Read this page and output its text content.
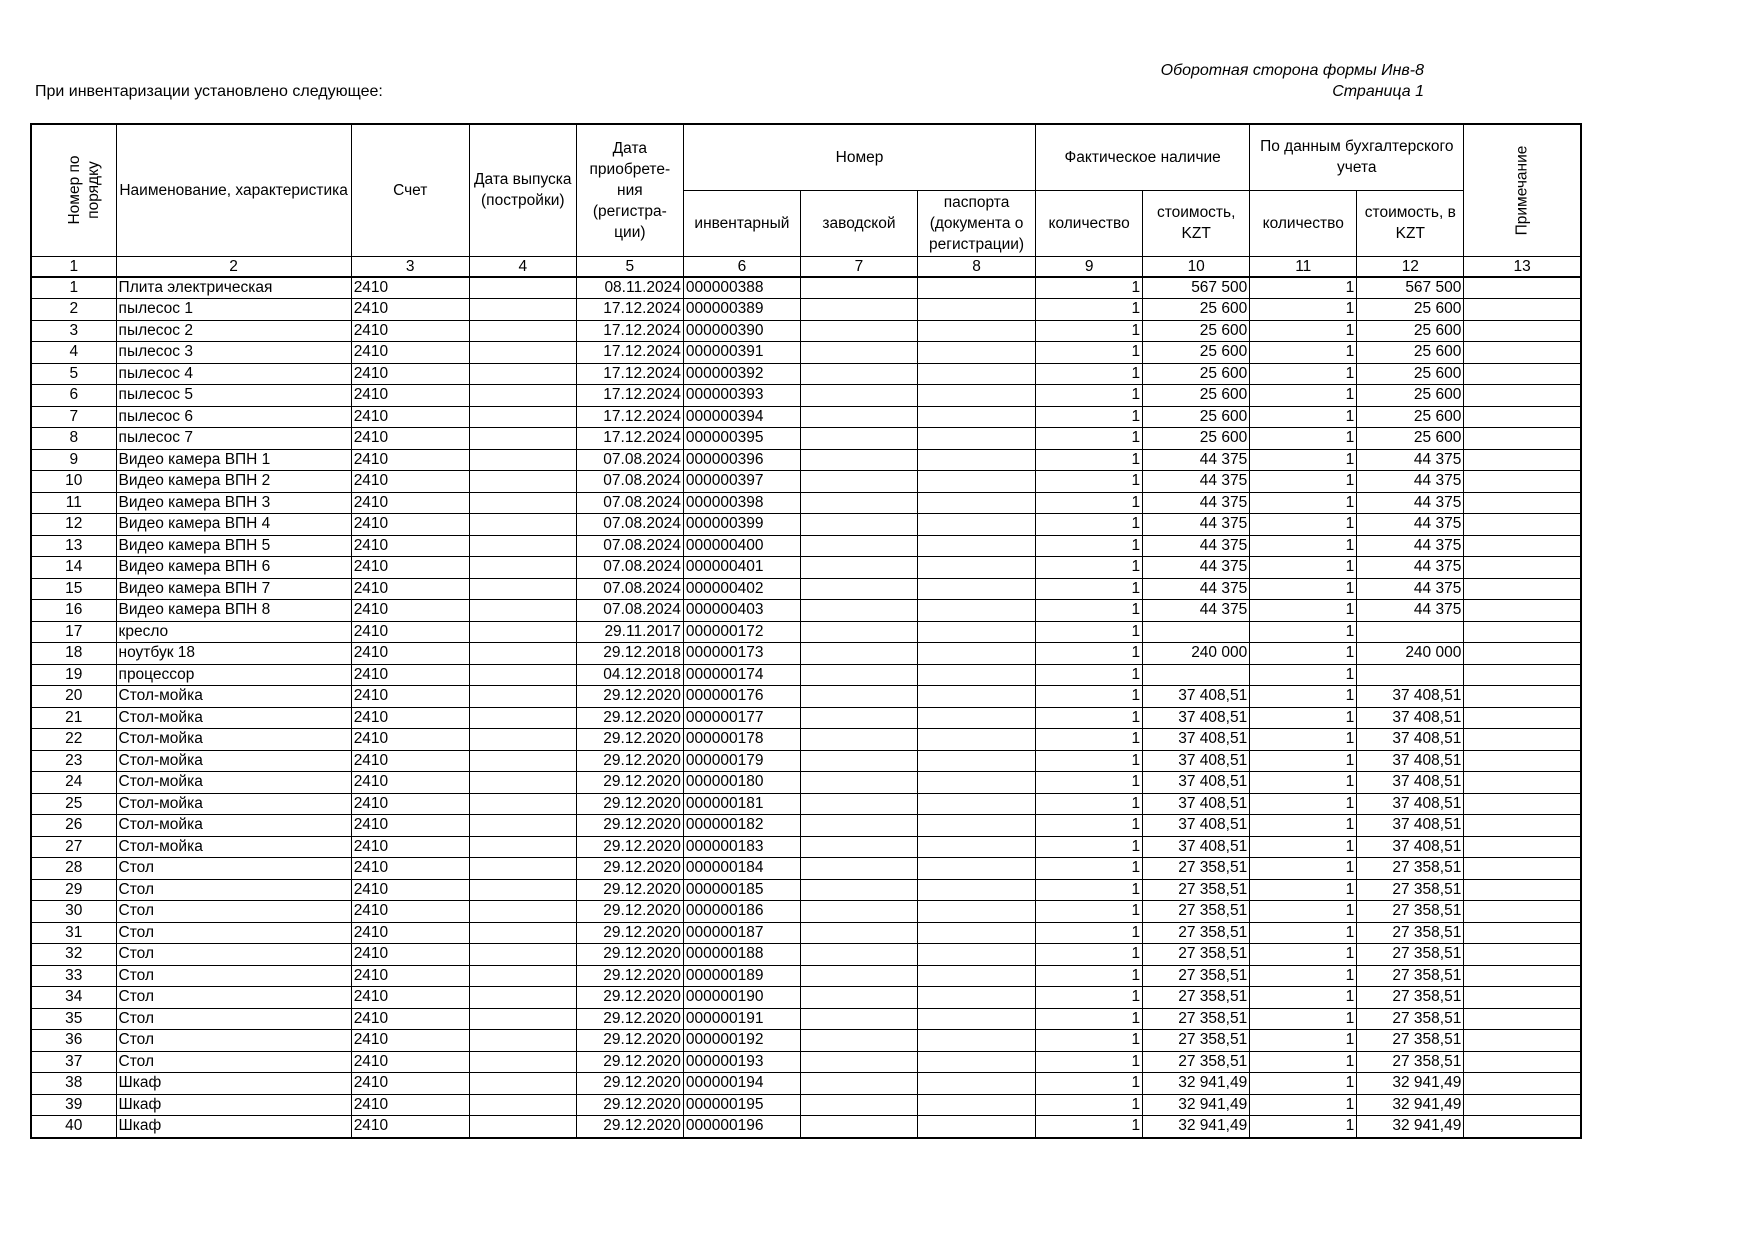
Оборотная сторона формы Инв-8
Страница 1
При инвентаризации установлено следующее:
Номер по порядку	Наименование, характеристика	Счет	Дата выпуска (постройки)	Дата приобрете-ния (регистра-ции)	Номер			Фактическое наличие		По данным бухгалтерского учета		Примечание
					инвентарный	заводской	паспорта (документа о регистрации)	количество	стоимость, KZT	количество	стоимость, в KZT	
1	2	3	4	5	6	7	8	9	10	11	12	13
1	Плита электрическая	2410		08.11.2024	000000388			1	567 500	1	567 500	
2	пылесос 1	2410		17.12.2024	000000389			1	25 600	1	25 600	
3	пылесос 2	2410		17.12.2024	000000390			1	25 600	1	25 600	
4	пылесос 3	2410		17.12.2024	000000391			1	25 600	1	25 600	
5	пылесос 4	2410		17.12.2024	000000392			1	25 600	1	25 600	
6	пылесос 5	2410		17.12.2024	000000393			1	25 600	1	25 600	
7	пылесос 6	2410		17.12.2024	000000394			1	25 600	1	25 600	
8	пылесос 7	2410		17.12.2024	000000395			1	25 600	1	25 600	
9	Видео камера ВПН 1	2410		07.08.2024	000000396			1	44 375	1	44 375	
10	Видео камера ВПН 2	2410		07.08.2024	000000397			1	44 375	1	44 375	
11	Видео камера ВПН 3	2410		07.08.2024	000000398			1	44 375	1	44 375	
12	Видео камера ВПН 4	2410		07.08.2024	000000399			1	44 375	1	44 375	
13	Видео камера ВПН 5	2410		07.08.2024	000000400			1	44 375	1	44 375	
14	Видео камера ВПН 6	2410		07.08.2024	000000401			1	44 375	1	44 375	
15	Видео камера ВПН 7	2410		07.08.2024	000000402			1	44 375	1	44 375	
16	Видео камера ВПН 8	2410		07.08.2024	000000403			1	44 375	1	44 375	
17	кресло	2410		29.11.2017	000000172			1		1		
18	ноутбук 18	2410		29.12.2018	000000173			1	240 000	1	240 000	
19	процессор	2410		04.12.2018	000000174			1		1		
20	Стол-мойка	2410		29.12.2020	000000176			1	37 408,51	1	37 408,51	
21	Стол-мойка	2410		29.12.2020	000000177			1	37 408,51	1	37 408,51	
22	Стол-мойка	2410		29.12.2020	000000178			1	37 408,51	1	37 408,51	
23	Стол-мойка	2410		29.12.2020	000000179			1	37 408,51	1	37 408,51	
24	Стол-мойка	2410		29.12.2020	000000180			1	37 408,51	1	37 408,51	
25	Стол-мойка	2410		29.12.2020	000000181			1	37 408,51	1	37 408,51	
26	Стол-мойка	2410		29.12.2020	000000182			1	37 408,51	1	37 408,51	
27	Стол-мойка	2410		29.12.2020	000000183			1	37 408,51	1	37 408,51	
28	Стол	2410		29.12.2020	000000184			1	27 358,51	1	27 358,51	
29	Стол	2410		29.12.2020	000000185			1	27 358,51	1	27 358,51	
30	Стол	2410		29.12.2020	000000186			1	27 358,51	1	27 358,51	
31	Стол	2410		29.12.2020	000000187			1	27 358,51	1	27 358,51	
32	Стол	2410		29.12.2020	000000188			1	27 358,51	1	27 358,51	
33	Стол	2410		29.12.2020	000000189			1	27 358,51	1	27 358,51	
34	Стол	2410		29.12.2020	000000190			1	27 358,51	1	27 358,51	
35	Стол	2410		29.12.2020	000000191			1	27 358,51	1	27 358,51	
36	Стол	2410		29.12.2020	000000192			1	27 358,51	1	27 358,51	
37	Стол	2410		29.12.2020	000000193			1	27 358,51	1	27 358,51	
38	Шкаф	2410		29.12.2020	000000194			1	32 941,49	1	32 941,49	
39	Шкаф	2410		29.12.2020	000000195			1	32 941,49	1	32 941,49	
40	Шкаф	2410		29.12.2020	000000196			1	32 941,49	1	32 941,49	
